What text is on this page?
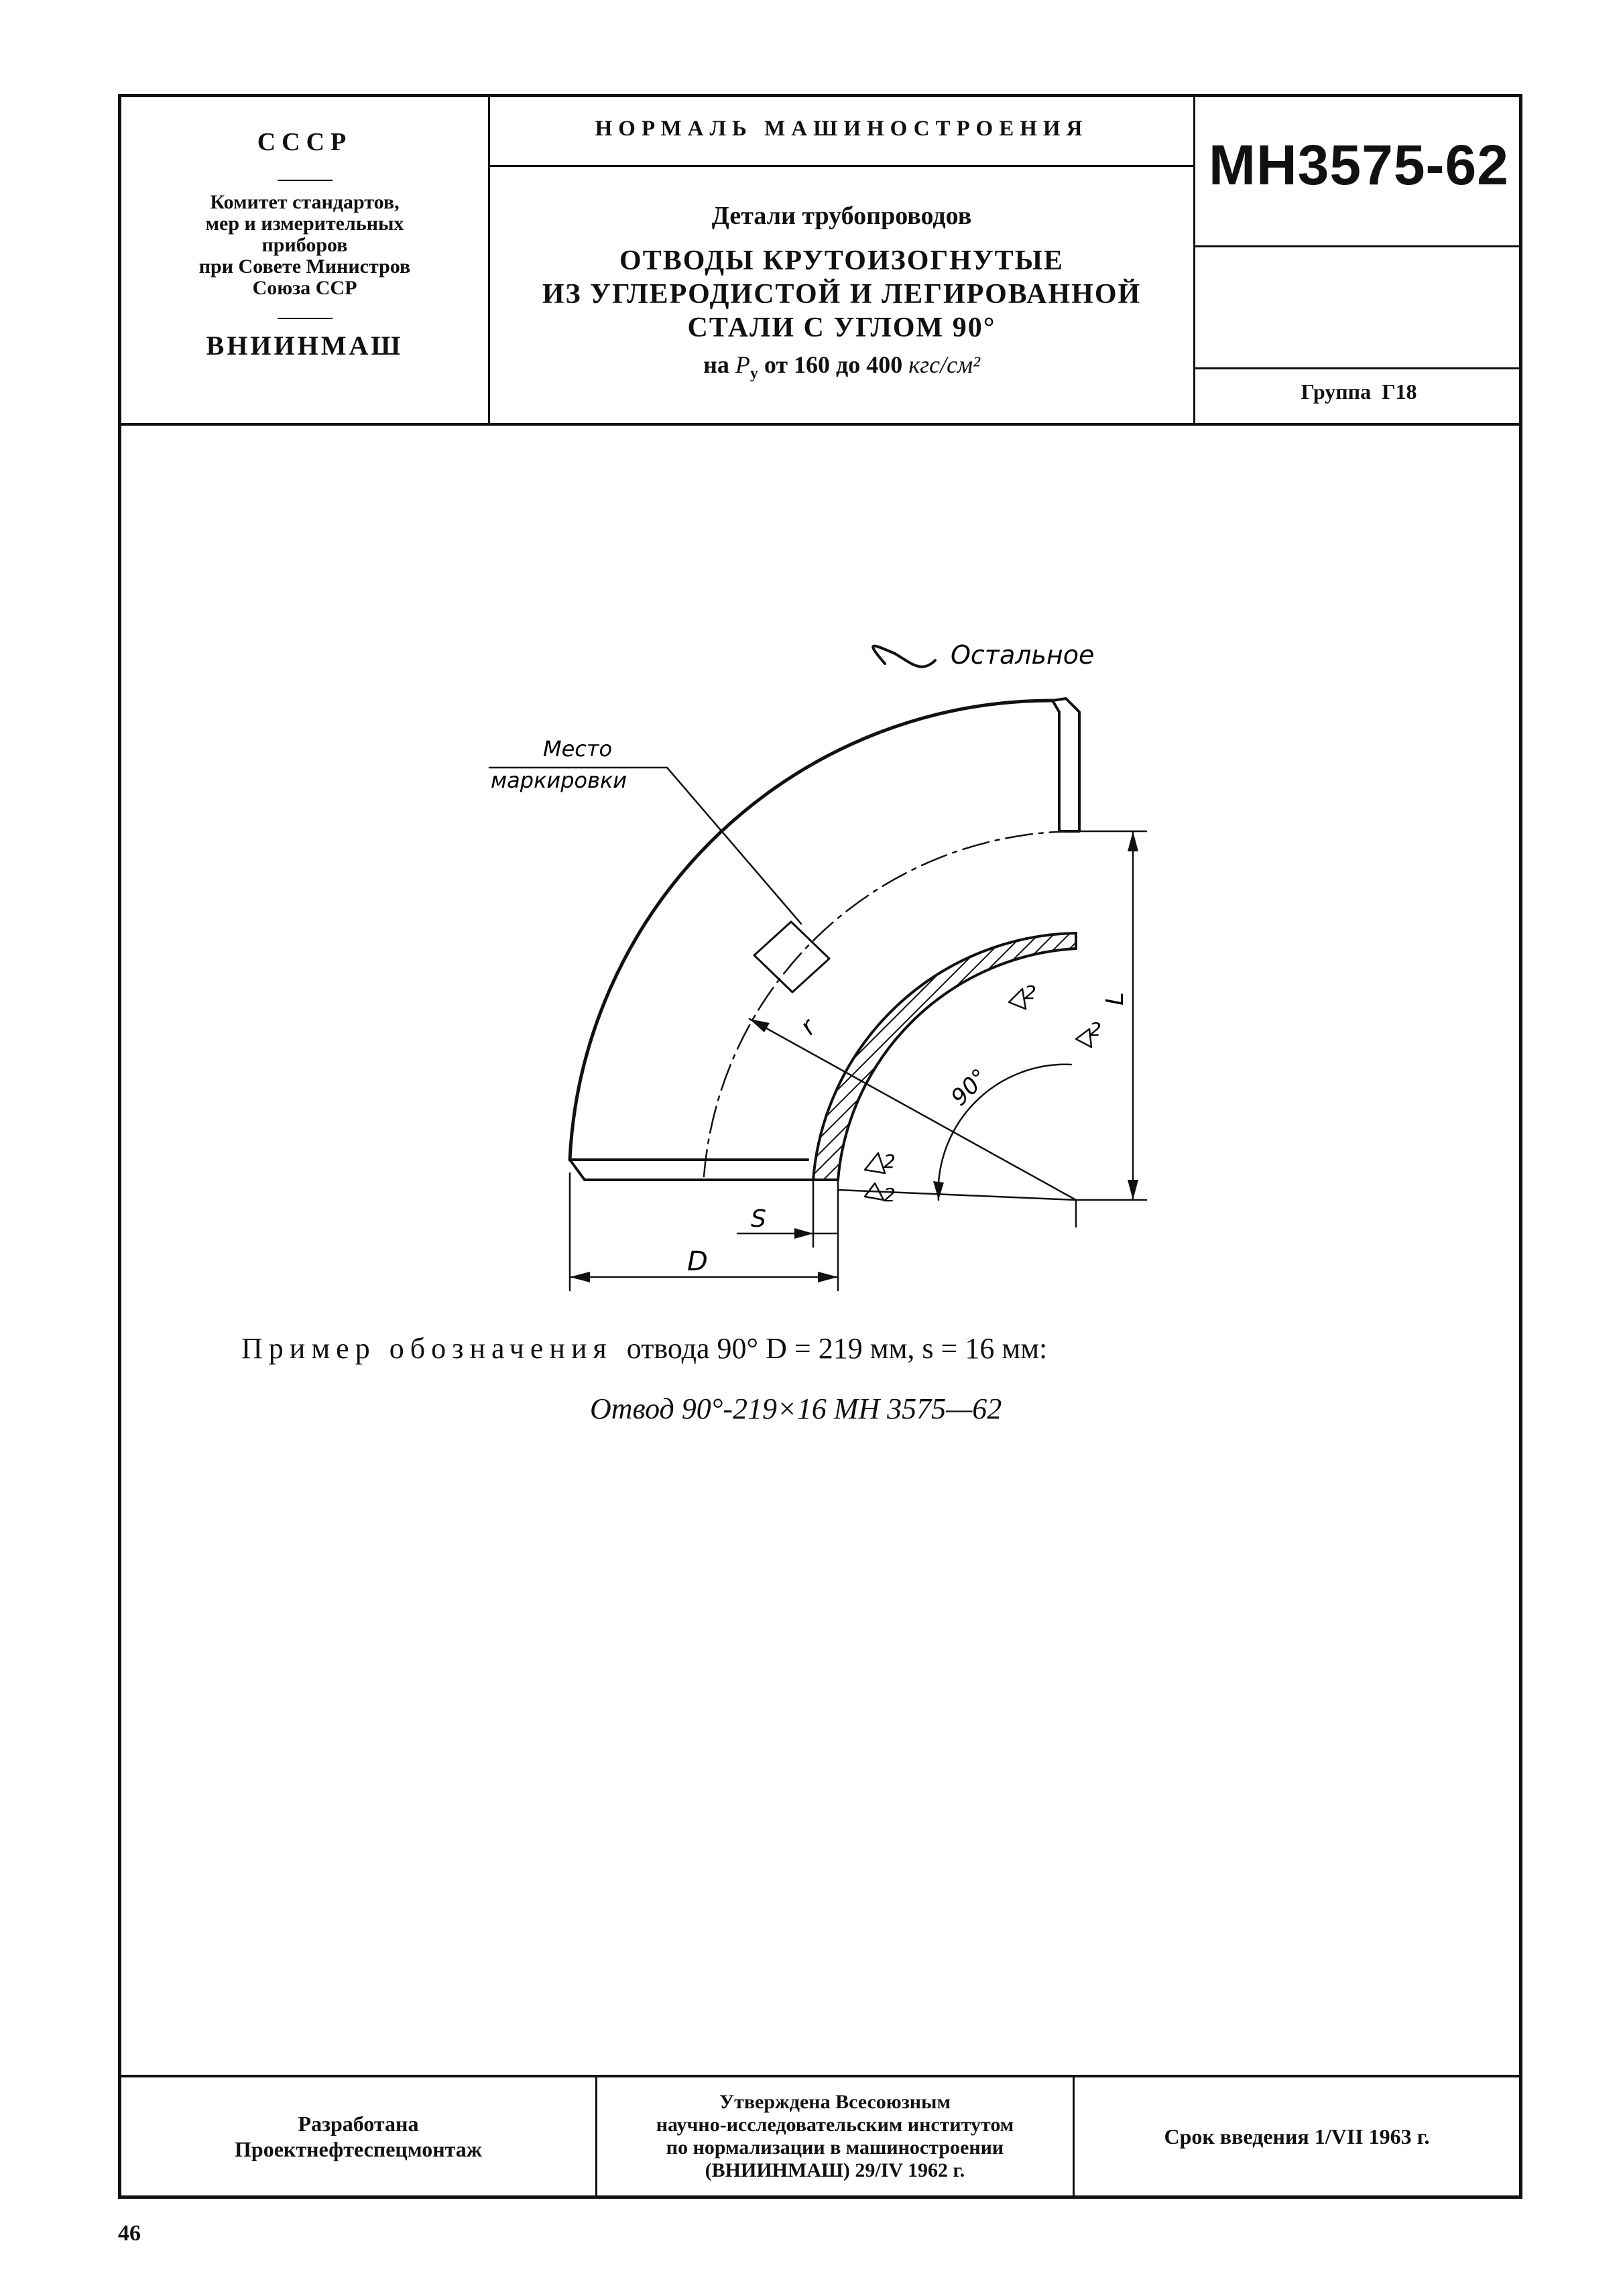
СССР
Комитет стандартов,
мер и измерительных
приборов
при Совете Министров
Союза ССР
ВНИИНМАШ
НОРМАЛЬ МАШИНОСТРОЕНИЯ
Детали трубопроводов
ОТВОДЫ КРУТОИЗОГНУТЫЕ
ИЗ УГЛЕРОДИСТОЙ И ЛЕГИРОВАННОЙ
СТАЛИ С УГЛОМ 90°
на $P_у$ от 160 до 400 кгс/см²
МН3575-62
Группа  Г18
Остальное
Место
маркировки
90°
L
r
S
D
2
2
2
2
Пример обозначения отвода 90° D = 219 мм, s = 16 мм:
Отвод 90°-219×16 МН 3575—62
Разработана
Проектнефтеспецмонтаж
Утверждена Всесоюзным
научно-исследовательским институтом
по нормализации в машиностроении
(ВНИИНМАШ) 29/IV 1962 г.
Срок введения 1/VII 1963 г.
46
